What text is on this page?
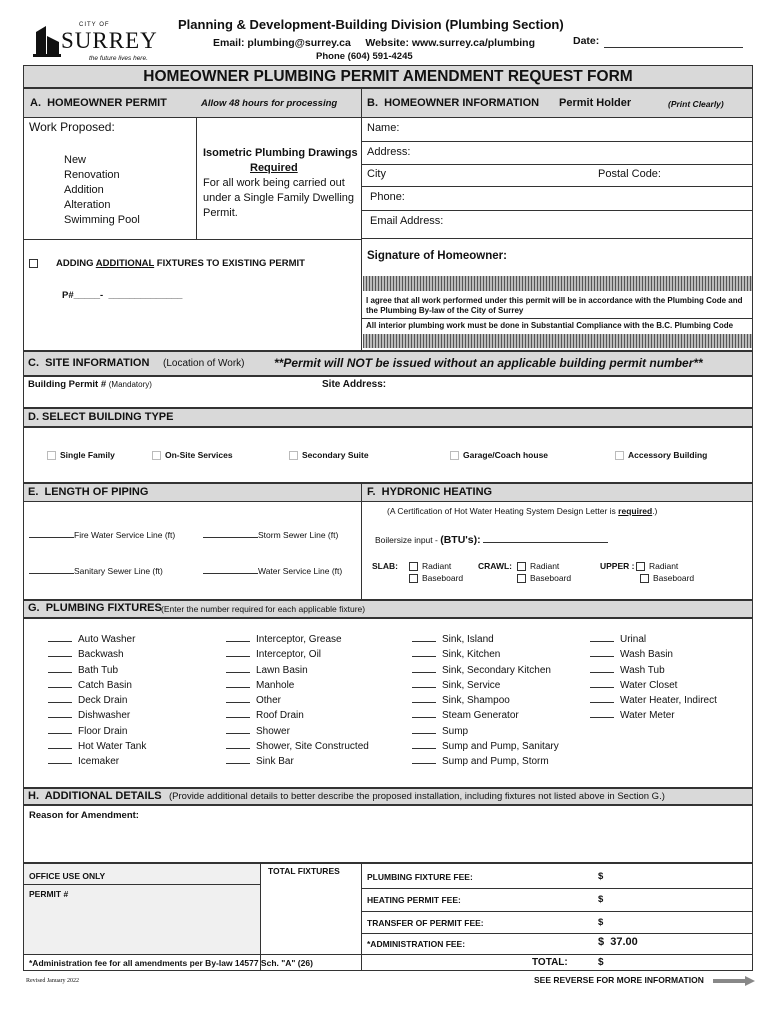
CITY OF
SURREY
the future lives here.
Planning & Development-Building Division (Plumbing Section)
Email: plumbing@surrey.ca     Website: www.surrey.ca/plumbing
Phone (604) 591-4245
Date:
HOMEOWNER PLUMBING PERMIT AMENDMENT REQUEST FORM
A.  HOMEOWNER PERMIT	Allow 48 hours for processing	B.  HOMEOWNER INFORMATION Permit Holder	(Print Clearly)
Work Proposed:
New
Renovation
Addition
Alteration
Swimming Pool
Isometric Plumbing Drawings
Required
For all work being carried out
under a Single Family Dwelling
Permit.
ADDING ADDITIONAL FIXTURES TO EXISTING PERMIT
P#_____-  ______________
Name:
Address:
City	Postal Code:
Phone:
Email Address:
Signature of Homeowner:
I agree that all work performed under this permit will be in accordance with the Plumbing Code and the Plumbing By-law of the City of Surrey
All interior plumbing work must be done in Substantial Compliance with the B.C. Plumbing Code
C.  SITE INFORMATION (Location of Work) **Permit will NOT be issued without an applicable building permit number**
Building Permit # (Mandatory)	Site Address:
D. SELECT BUILDING TYPE
Single Family	On-Site Services	Secondary Suite	Garage/Coach house	Accessory Building
E.  LENGTH OF PIPING	F.  HYDRONIC HEATING
Fire Water Service Line (ft)	Storm Sewer Line (ft)
Sanitary Sewer Line (ft)	Water Service Line (ft)
(A Certification of Hot Water Heating System Design Letter is required.)
Boilersize input - (BTU's):
SLAB:	Radiant
Baseboard
CRAWL:	Radiant
Baseboard
UPPER :	Radiant
Baseboard
G.  PLUMBING FIXTURES (Enter the number required for each applicable fixture)
Auto Washer
Backwash
Bath Tub
Catch Basin
Deck Drain
Dishwasher
Floor Drain
Hot Water Tank
Icemaker
Interceptor, Grease
Interceptor, Oil
Lawn Basin
Manhole
Other
Roof Drain
Shower
Shower, Site Constructed
Sink Bar
Sink, Island
Sink, Kitchen
Sink, Secondary Kitchen
Sink, Service
Sink, Shampoo
Steam Generator
Sump
Sump and Pump, Sanitary
Sump and Pump, Storm
Urinal
Wash Basin
Wash Tub
Water Closet
Water Heater, Indirect
Water Meter
H.  ADDITIONAL DETAILS (Provide additional details to better describe the proposed installation, including fixtures not listed above in Section G.)
Reason for Amendment:
OFFICE USE ONLY
PERMIT #
TOTAL FIXTURES
PLUMBING FIXTURE FEE:	$
HEATING PERMIT FEE:	$
TRANSFER OF PERMIT FEE:	$
*ADMINISTRATION FEE:	$  37.00
TOTAL:	$
*Administration fee for all amendments per By-law 14577 Sch. "A" (26)
Revised January 2022	SEE REVERSE FOR MORE INFORMATION
